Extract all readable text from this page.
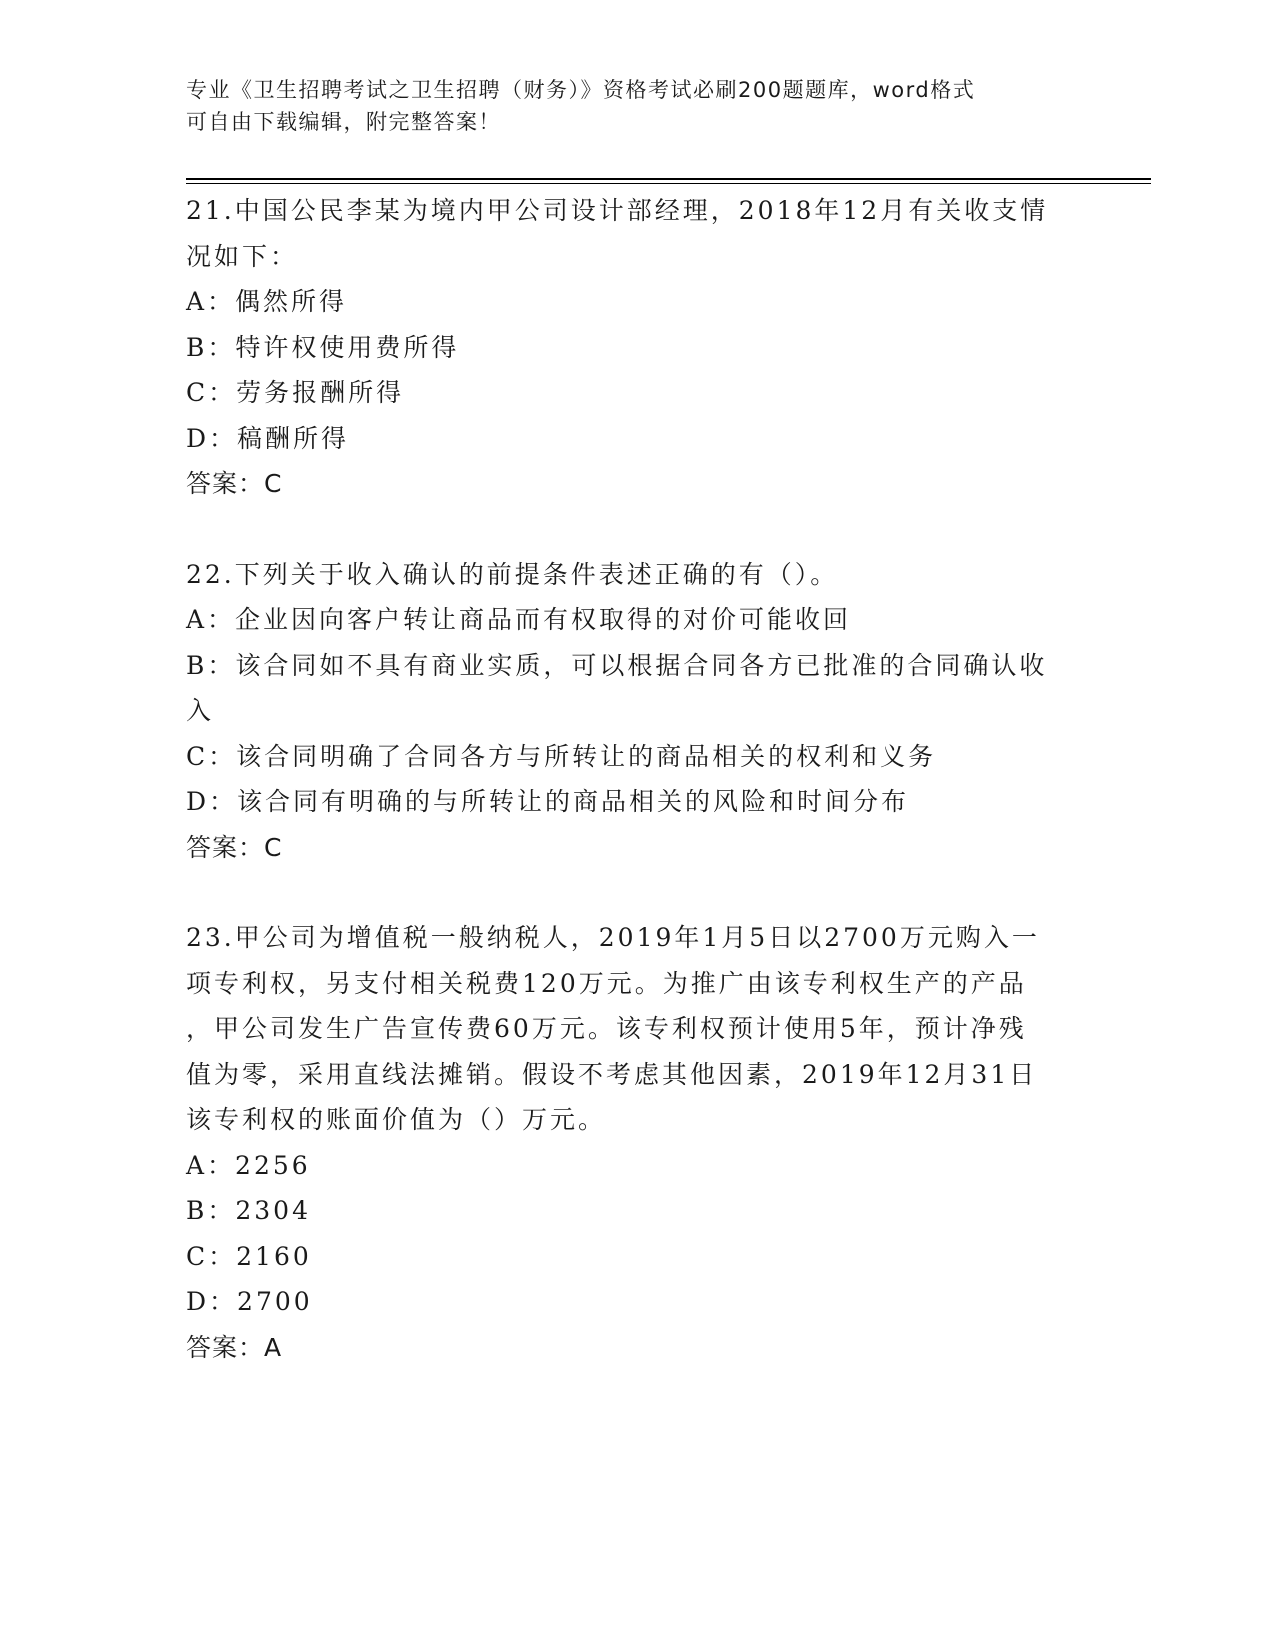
专业《卫生招聘考试之卫生招聘（财务）》资格考试必刷200题题库，word格式

可自由下载编辑，附完整答案！

21.中国公民李某为境内甲公司设计部经理，2018年12月有关收支情
况如下：
A：偶然所得
B：特许权使用费所得
C：劳务报酬所得
D：稿酬所得
答案：C
22.下列关于收入确认的前提条件表述正确的有（）。
A：企业因向客户转让商品而有权取得的对价可能收回
B：该合同如不具有商业实质，可以根据合同各方已批准的合同确认收
入
C：该合同明确了合同各方与所转让的商品相关的权利和义务
D：该合同有明确的与所转让的商品相关的风险和时间分布
答案：C
23.甲公司为增值税一般纳税人，2019年1月5日以2700万元购入一
项专利权，另支付相关税费120万元。为推广由该专利权生产的产品
，甲公司发生广告宣传费60万元。该专利权预计使用5年，预计净残
值为零，采用直线法摊销。假设不考虑其他因素，2019年12月31日
该专利权的账面价值为（）万元。
A：2256
B：2304
C：2160
D：2700
答案：A
